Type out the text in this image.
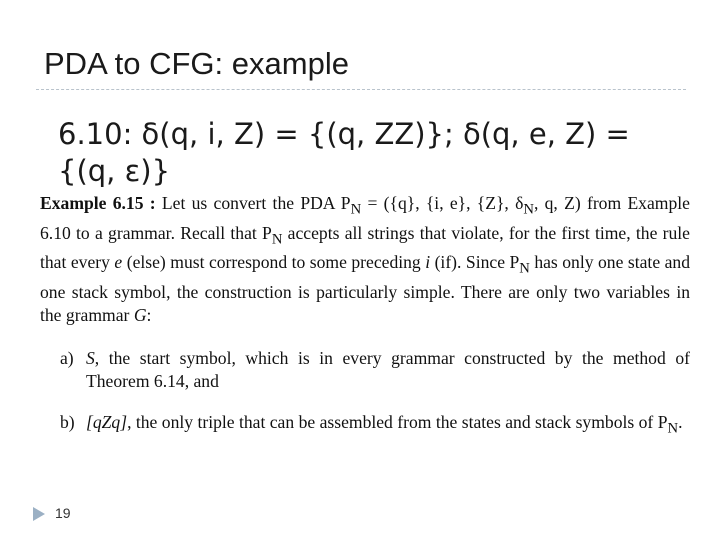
PDA to CFG: example
6.10: δ(q, i, Z) = {(q, ZZ)}; δ(q, e, Z) = {(q, ε)}

Example 6.15 : Let us convert the PDA $P_N = (\{q\}$, {i, e}, {Z}, $\delta_N$, q, Z) from Example 6.10 to a grammar. Recall that $P_N$ accepts all strings that violate, for the first time, the rule that every e (else) must correspond to some preceding i (if). Since $P_N$ has only one state and one stack symbol, the construction is particularly simple. There are only two variables in the grammar G:

a) S, the start symbol, which is in every grammar constructed by the method of Theorem 6.14, and
b) [qZq], the only triple that can be assembled from the states and stack symbols of $P_N$.
19
